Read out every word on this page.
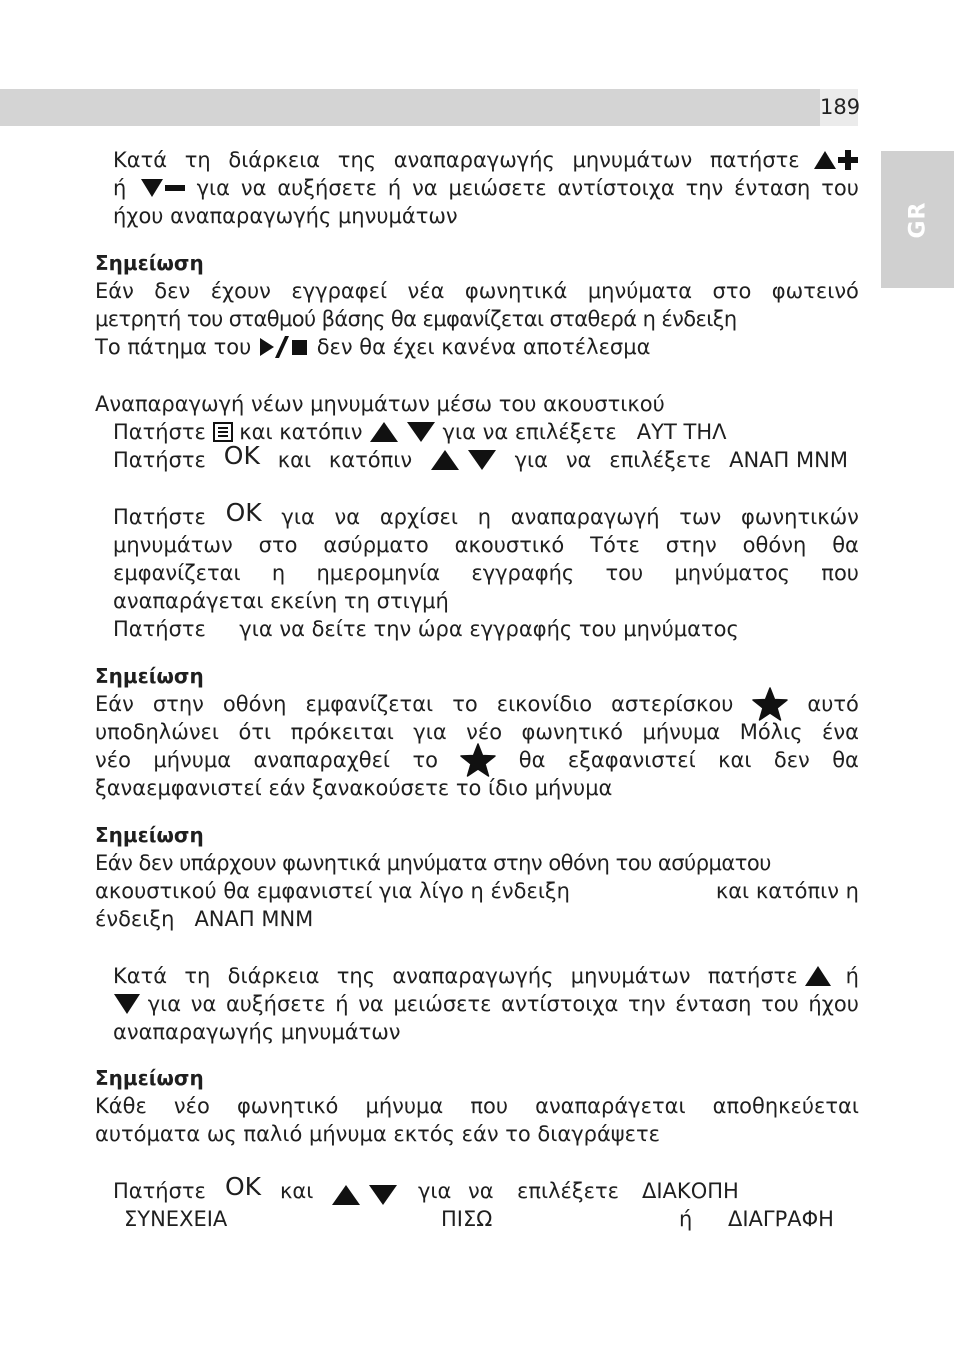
189
GR
Κατά τη διάρκεια της αναπαραγωγής μηνυμάτων πατήστε

ή
	για να αυξήσετε ή να μειώσετε αντίστοιχα την ένταση του
ήχου αναπαραγωγής μηνυμάτων
Σημείωση
Εάν δεν έχουν εγγραφεί νέα φωνητικά μηνύματα στο φωτεινό
μετρητή του σταθμού βάσης θα εμφανίζεται σταθερά η ένδειξη
Το πάτημα του

	δεν θα έχει κανένα αποτέλεσμα
Αναπαραγωγή νέων μηνυμάτων μέσω του ακουστικού
Πατήστε

και κατόπιν

	για να επιλέξετε
ΑΥΤ ΤΗΛ
Πατήστε OK και κατόπιν
	για να επιλέξετε ΑΝΑΠ ΜΝΜ
Πατήστε OK για να αρχίσει η αναπαραγωγή των φωνητικών
μηνυμάτων στο ασύρματο ακουστικό Τότε στην οθόνη θα
εμφανίζεται η ημερομηνία εγγραφής του μηνύματος που
αναπαράγεται εκείνη τη στιγμή
Πατήστε για να δείτε την ώρα εγγραφής του μηνύματος
Σημείωση
Εάν στην οθόνη εμφανίζεται το εικονίδιο αστερίσκου	αυτό
υποδηλώνει ότι πρόκειται για νέο φωνητικό μήνυμα Μόλις ένα
νέο μήνυμα αναπαραχθεί το	θα εξαφανιστεί και δεν θα
ξαναεμφανιστεί εάν ξανακούσετε το ίδιο μήνυμα
Σημείωση
Εάν δεν υπάρχουν φωνητικά μηνύματα στην οθόνη του ασύρματου
ακουστικού θα εμφανιστεί για λίγο η ένδειξη	και κατόπιν η
ένδειξη ΑΝΑΠ ΜΝΜ
Κατά τη διάρκεια της αναπαραγωγής μηνυμάτων πατήστε

ή

για να αυξήσετε ή να μειώσετε αντίστοιχα την ένταση του ήχου
αναπαραγωγής μηνυμάτων
Σημείωση
Κάθε νέο φωνητικό μήνυμα που αναπαράγεται αποθηκεύεται
αυτόματα ως παλιό μήνυμα εκτός εάν το διαγράψετε
Πατήστε OK και
	για να επιλέξετε ΔΙΑΚΟΠΗ
ΣΥΝΕΧΕΙΑ	ΠΙΣΩ	ή ΔΙΑΓΡΑΦΗ
